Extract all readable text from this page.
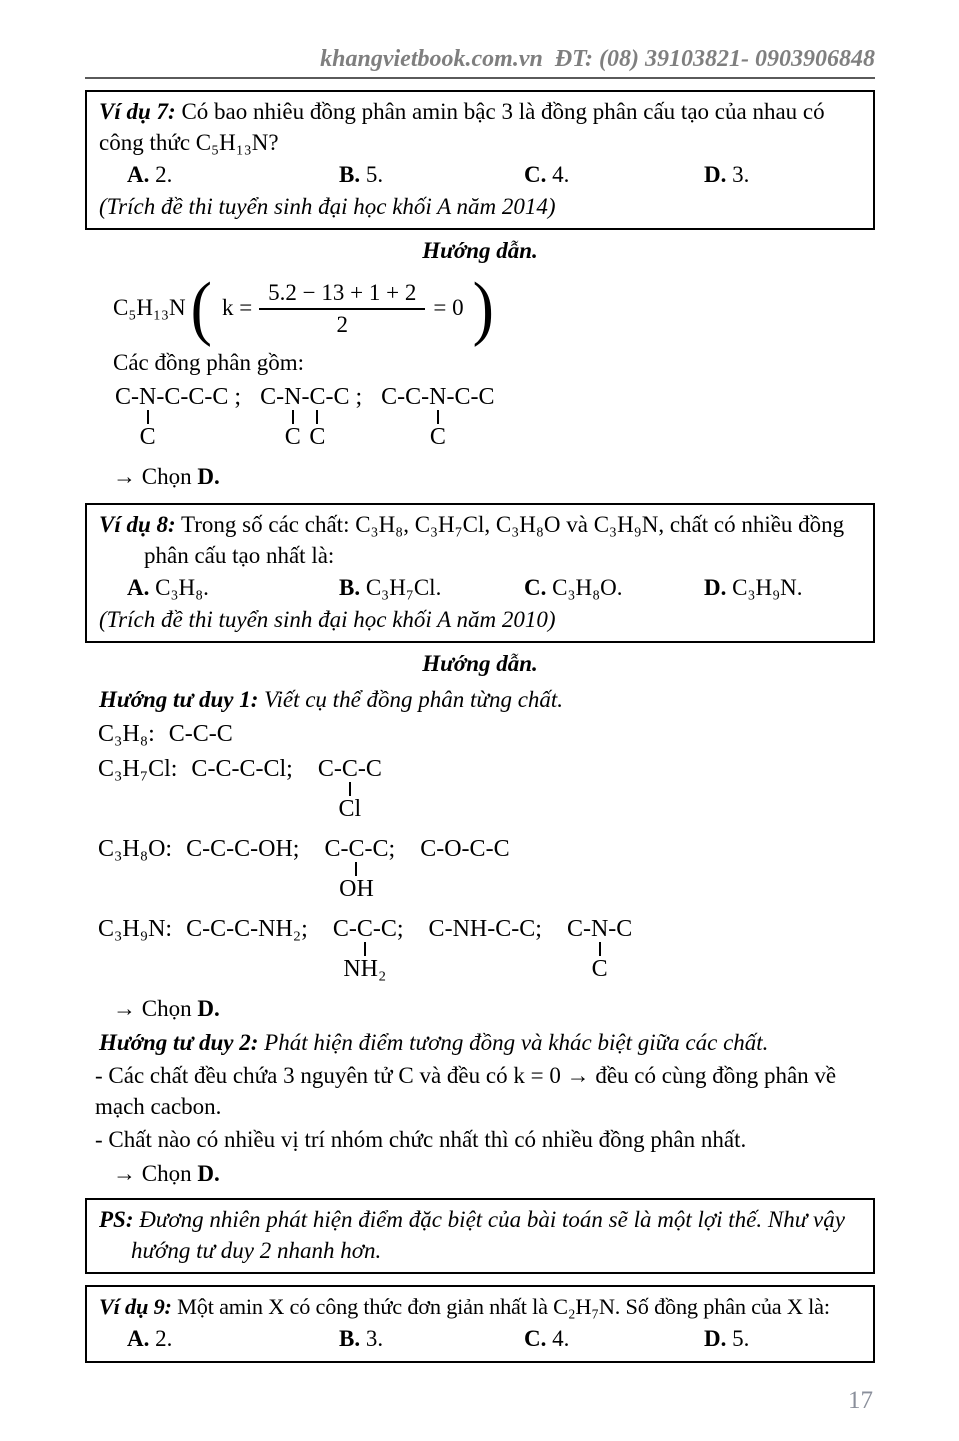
khangvietbook.com.vn  ĐT: (08) 39103821- 0903906848

Ví dụ 7: Có bao nhiêu đồng phân amin bậc 3 là đồng phân cấu tạo của nhau có công thức C₅H₁₃N?

A. 2.	B. 5.	C. 4.	D. 3.

(Trích đề thi tuyển sinh đại học khối A năm 2014)

Hướng dẫn.
C₅H₁₃N ( $k = \frac{5.2 - 13 + 1 + 2}{2} = 0$ )

Các đồng phân gồm:

C-N
C
-C-C-C ; C-N
C
-C
C
-C ; C-C-N
C
-C-C

→ Chọn D.

Ví dụ 8: Trong số các chất: C₃H₈, C₃H₇Cl, C₃H₈O và C₃H₉N, chất có nhiều đồng phân cấu tạo nhất là:

A. C₃H₈.	B. C₃H₇Cl.	C. C₃H₈O.	D. C₃H₉N.

(Trích đề thi tuyển sinh đại học khối A năm 2010)

Hướng dẫn.

Hướng tư duy 1: Viết cụ thể đồng phân từng chất.

C₃H₈: C-C-C
C₃H₇Cl: C-C-C-Cl;  C-C
Cl
-C
C₃H₈O: C-C-C-OH;  C-C
OH
-C;  C-O-C-C
C₃H₉N: C-C-C-NH₂;  C-C
NH₂
-C;  C-NH-C-C;  C-N
C
-C

→ Chọn D.

Hướng tư duy 2: Phát hiện điểm tương đồng và khác biệt giữa các chất.

- Các chất đều chứa 3 nguyên tử C và đều có k = 0 → đều có cùng đồng phân về mạch cacbon.

- Chất nào có nhiều vị trí nhóm chức nhất thì có nhiều đồng phân nhất.

→ Chọn D.

PS: Đương nhiên phát hiện điểm đặc biệt của bài toán sẽ là một lợi thế. Như vậy hướng tư duy 2 nhanh hơn.

Ví dụ 9: Một amin X có công thức đơn giản nhất là C₂H₇N. Số đồng phân của X là:

A. 2.	B. 3.	C. 4.	D. 5.
17
